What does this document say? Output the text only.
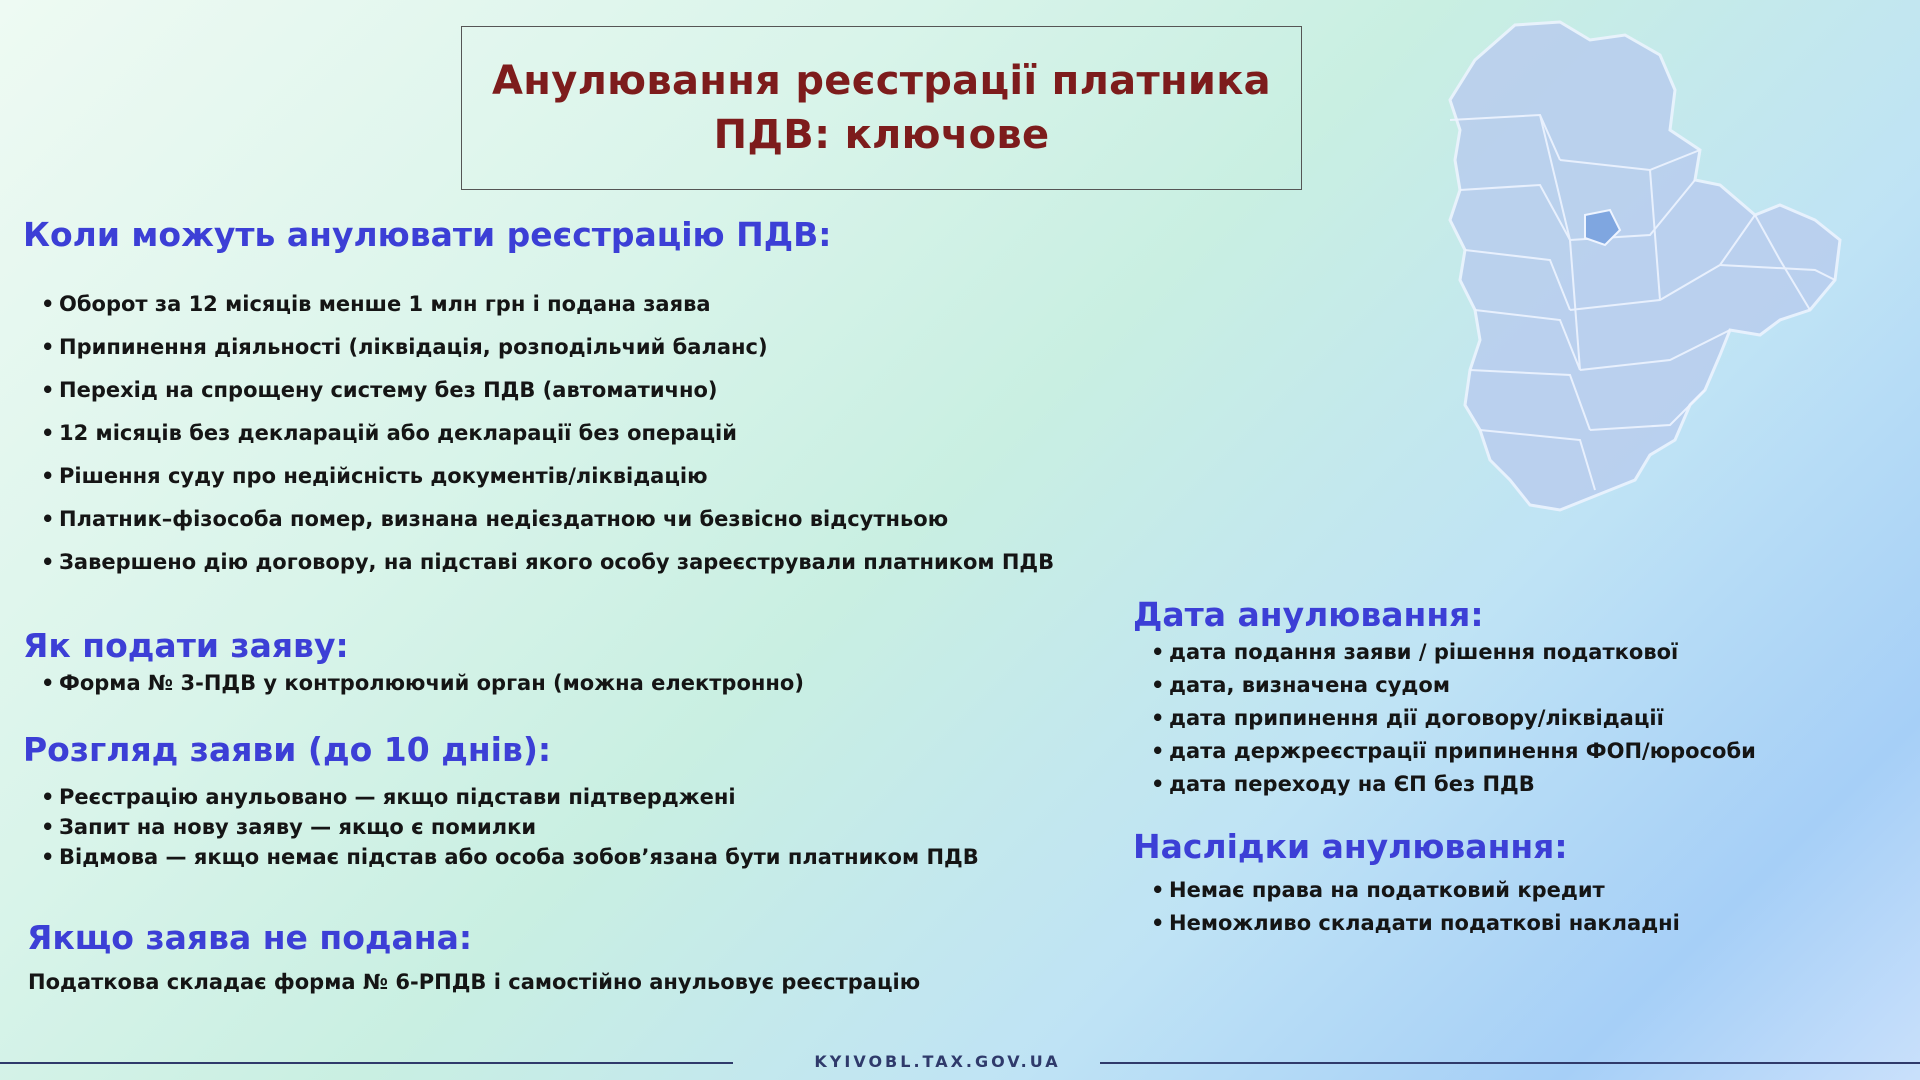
Анулювання реєстрації платника
ПДВ: ключове
Коли можуть анулювати реєстрацію ПДВ:
• Оборот за 12 місяців менше 1 млн грн і подана заява
• Припинення діяльності (ліквідація, розподільчий баланс)
• Перехід на спрощену систему без ПДВ (автоматично)
• 12 місяців без декларацій або декларації без операцій
• Рішення суду про недійсність документів/ліквідацію
• Платник–фізособа помер, визнана недієздатною чи безвісно відсутньою
• Завершено дію договору, на підставі якого особу зареєстрували платником ПДВ
Як подати заяву:
• Форма № 3-ПДВ у контролюючий орган (можна електронно)
Розгляд заяви (до 10 днів):
• Реєстрацію анульовано — якщо підстави підтверджені
• Запит на нову заяву — якщо є помилки
• Відмова — якщо немає підстав або особа зобов’язана бути платником ПДВ
Якщо заява не подана:

Податкова складає форма № 6-РПДВ і самостійно анульовує реєстрацію

Дата анулювання:
• дата подання заяви / рішення податкової
• дата, визначена судом
• дата припинення дії договору/ліквідації
• дата держреєстрації припинення ФОП/юрособи
• дата переходу на ЄП без ПДВ
Наслідки анулювання:
• Немає права на податковий кредит
• Неможливо складати податкові накладні
KYIVOBL.TAX.GOV.UA
